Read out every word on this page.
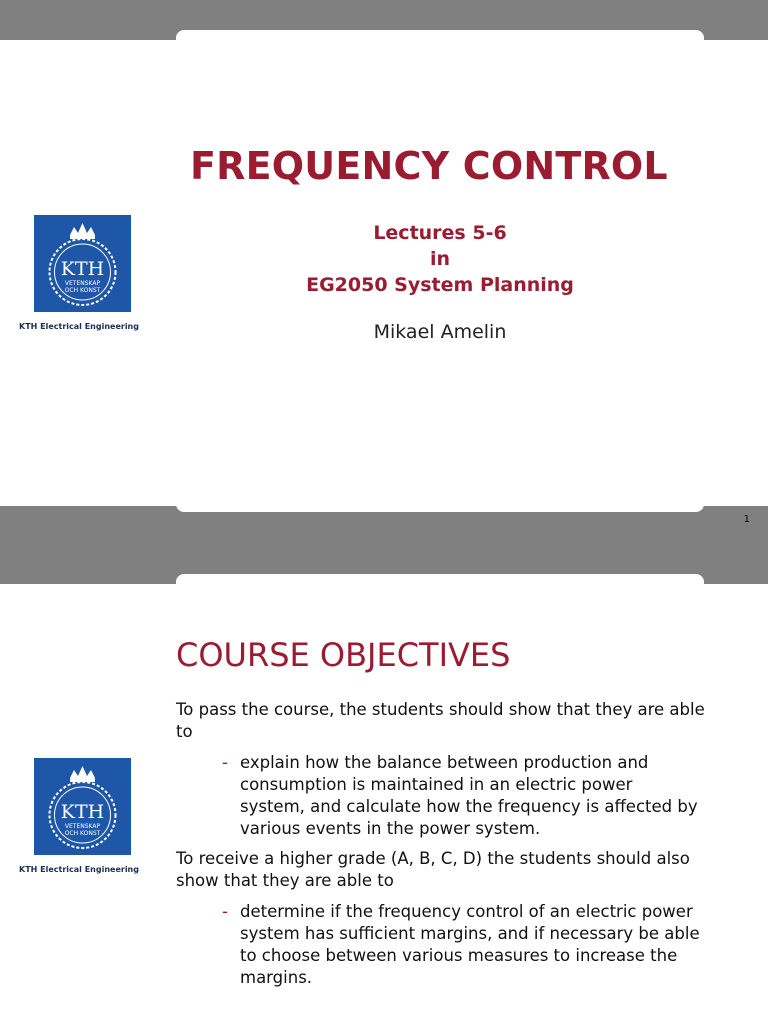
1
KTH
VETENSKAP
OCH KONST
KTH Electrical Engineering
FREQUENCY CONTROL
Lectures 5-6
in
EG2050 System Planning
Mikael Amelin
KTH
VETENSKAP
OCH KONST
KTH Electrical Engineering
COURSE OBJECTIVES
To pass the course, the students should show that they are able to
- explain how the balance between production and consumption is maintained in an electric power system, and calculate how the frequency is affected by various events in the power system.
To receive a higher grade (A, B, C, D) the students should also show that they are able to
- determine if the frequency control of an electric power system has sufficient margins, and if necessary be able to choose between various measures to increase the margins.
